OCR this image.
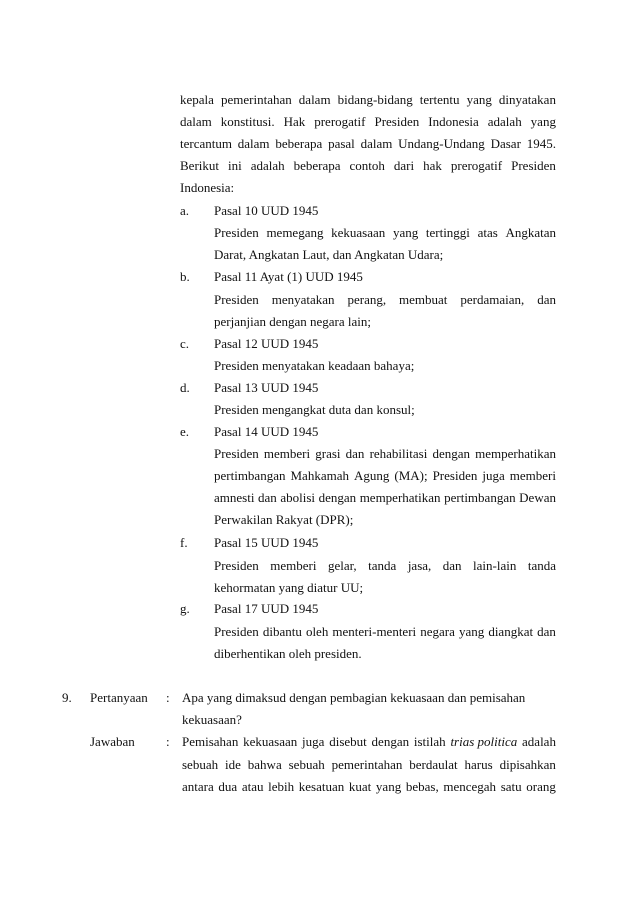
kepala pemerintahan dalam bidang-bidang tertentu yang dinyatakan
dalam konstitusi. Hak prerogatif Presiden Indonesia adalah yang
tercantum dalam beberapa pasal dalam Undang-Undang Dasar 1945.
Berikut ini adalah beberapa contoh dari hak prerogatif Presiden
Indonesia:
a. Pasal 10 UUD 1945
Presiden memegang kekuasaan yang tertinggi atas Angkatan
Darat, Angkatan Laut, dan Angkatan Udara;
b. Pasal 11 Ayat (1) UUD 1945
Presiden menyatakan perang, membuat perdamaian, dan
perjanjian dengan negara lain;
c. Pasal 12 UUD 1945
Presiden menyatakan keadaan bahaya;
d. Pasal 13 UUD 1945
Presiden mengangkat duta dan konsul;
e. Pasal 14 UUD 1945
Presiden memberi grasi dan rehabilitasi dengan memperhatikan
pertimbangan Mahkamah Agung (MA); Presiden juga memberi
amnesti dan abolisi dengan memperhatikan pertimbangan Dewan
Perwakilan Rakyat (DPR);
f. Pasal 15 UUD 1945
Presiden memberi gelar, tanda jasa, dan lain-lain tanda
kehormatan yang diatur UU;
g. Pasal 17 UUD 1945
Presiden dibantu oleh menteri-menteri negara yang diangkat dan
diberhentikan oleh presiden.
9. Pertanyaan : Apa yang dimaksud dengan pembagian kekuasaan dan pemisahan
kekuasaan?
Jawaban : Pemisahan kekuasaan juga disebut dengan istilah trias politica adalah
sebuah ide bahwa sebuah pemerintahan berdaulat harus dipisahkan
antara dua atau lebih kesatuan kuat yang bebas, mencegah satu orang
